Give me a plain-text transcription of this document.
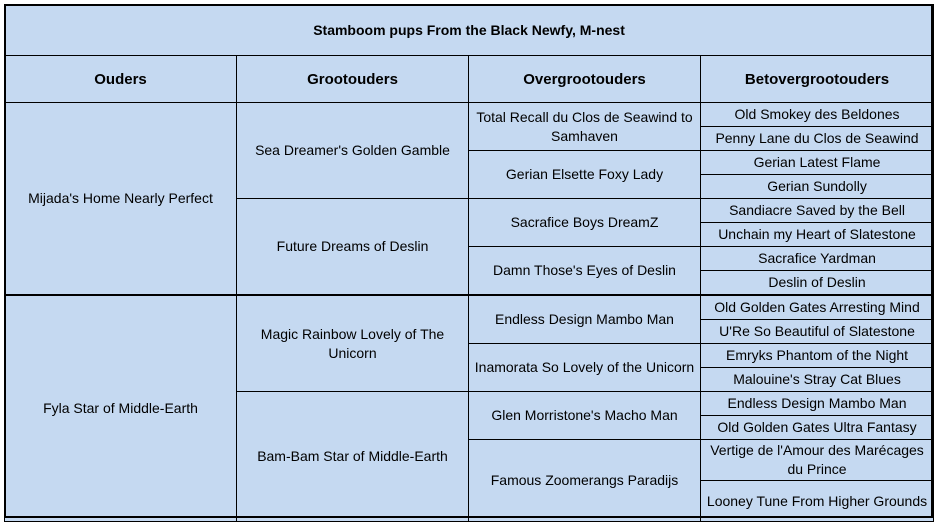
Stamboom pups From the Black Newfy, M-nest			
Ouders	Grootouders	Overgrootouders	Betovergrootouders
Mijada's Home Nearly Perfect	Sea Dreamer's Golden Gamble	Total Recall du Clos de Seawind to Samhaven	Old Smokey des Beldones
			Penny Lane du Clos de Seawind
		Gerian Elsette Foxy Lady	Gerian Latest Flame
			Gerian Sundolly
	Future Dreams of Deslin	Sacrafice Boys DreamZ	Sandiacre Saved by the Bell
			Unchain my Heart of Slatestone
		Damn Those's Eyes of Deslin	Sacrafice Yardman
			Deslin of Deslin
Fyla Star of Middle-Earth	Magic Rainbow Lovely of The Unicorn	Endless Design Mambo Man	Old Golden Gates Arresting Mind
			U'Re So Beautiful of Slatestone
		Inamorata So Lovely of the Unicorn	Emryks Phantom of the Night
			Malouine's Stray Cat Blues
	Bam-Bam Star of Middle-Earth	Glen Morristone's Macho Man	Endless Design Mambo Man
			Old Golden Gates Ultra Fantasy
		Famous Zoomerangs Paradijs	Vertige de l'Amour des Marécages du Prince
			Looney Tune From Higher Grounds
